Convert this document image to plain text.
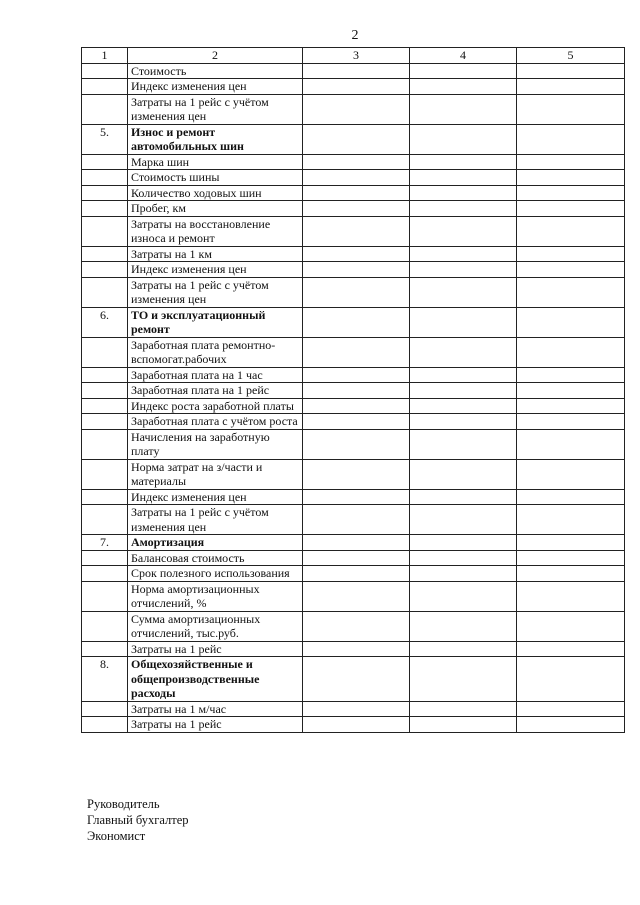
2
1	2	3	4	5
	Стоимость			
	Индекс изменения цен			
	Затраты на 1 рейс с учётом изменения цен			
5.	Износ и ремонт автомобильных шин			
	Марка шин			
	Стоимость шины			
	Количество ходовых шин			
	Пробег, км			
	Затраты на восстановление износа и ремонт			
	Затраты на 1 км			
	Индекс изменения цен			
	Затраты на 1 рейс с учётом изменения цен			
6.	ТО и эксплуатационный ремонт			
	Заработная плата ремонтно-вспомогат.рабочих			
	Заработная плата на 1 час			
	Заработная плата на 1 рейс			
	Индекс роста заработной платы			
	Заработная плата с учётом роста			
	Начисления на заработную плату			
	Норма затрат на з/части и материалы			
	Индекс изменения цен			
	Затраты на 1 рейс с учётом изменения цен			
7.	Амортизация			
	Балансовая стоимость			
	Срок полезного использования			
	Норма амортизационных отчислений, %			
	Сумма амортизационных отчислений, тыс.руб.			
	Затраты на 1 рейс			
8.	Общехозяйственные и общепроизводственные расходы			
	Затраты на 1 м/час			
	Затраты на 1 рейс			
Руководитель
Главный бухгалтер
Экономист
